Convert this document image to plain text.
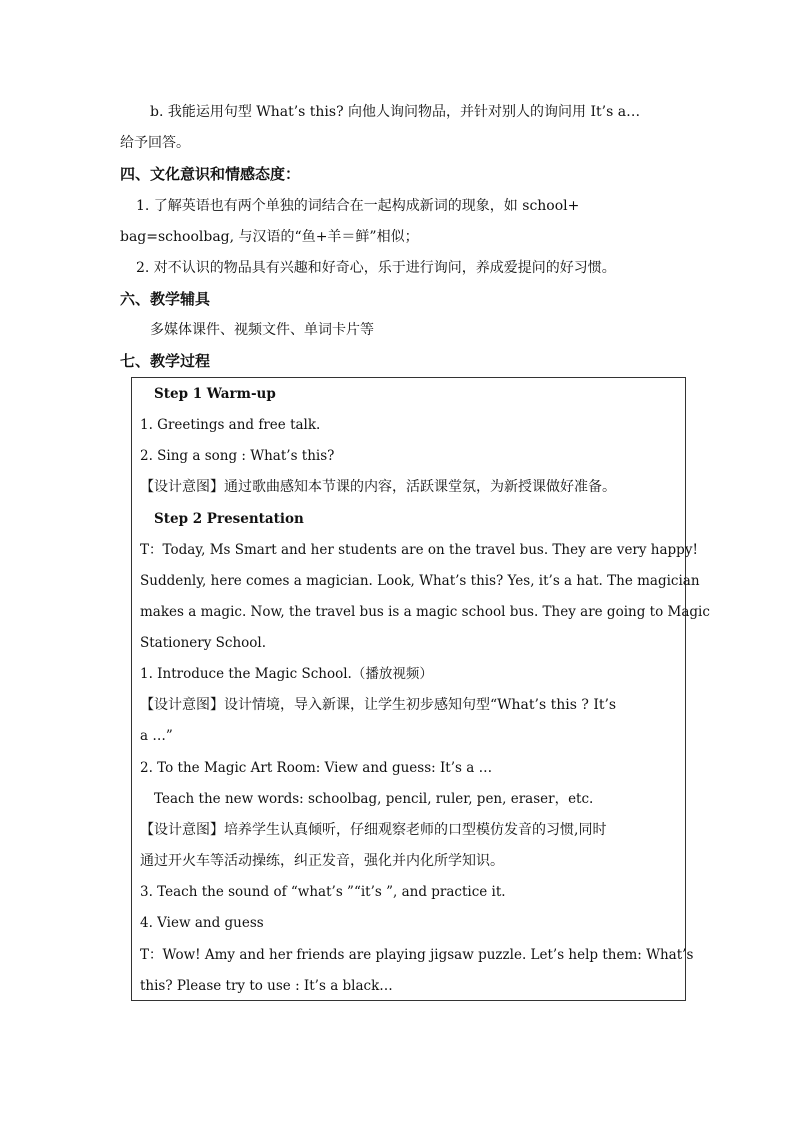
b. 我能运用句型 What’s this? 向他人询问物品，并针对别人的询问用 It’s a…
给予回答。
四、文化意识和情感态度：
1. 了解英语也有两个单独的词结合在一起构成新词的现象，如 school+
bag=schoolbag, 与汉语的“鱼+羊＝鲜”相似；
2. 对不认识的物品具有兴趣和好奇心，乐于进行询问，养成爱提问的好习惯。
六、教学辅具
多媒体课件、视频文件、单词卡片等
七、教学过程
Step 1 Warm-up
1. Greetings and free talk.
2. Sing a song : What’s this?
【设计意图】通过歌曲感知本节课的内容，活跃课堂氛，为新授课做好准备。
Step 2 Presentation
T：Today, Ms Smart and her students are on the travel bus. They are very happy!
Suddenly, here comes a magician. Look, What’s this? Yes, it’s a hat. The magician
makes a magic. Now, the travel bus is a magic school bus. They are going to Magic
Stationery School.
1. Introduce the Magic School.（播放视频）
【设计意图】设计情境，导入新课，让学生初步感知句型“What’s this ? It’s
a …”
2. To the Magic Art Room: View and guess: It’s a …
Teach the new words: schoolbag, pencil, ruler, pen, eraser，etc.
【设计意图】培养学生认真倾听，仔细观察老师的口型模仿发音的习惯,同时
通过开火车等活动操练，纠正发音，强化并内化所学知识。
3. Teach the sound of “what’s ”“it’s ”, and practice it.
4. View and guess
T：Wow! Amy and her friends are playing jigsaw puzzle. Let’s help them: What’s
this? Please try to use : It’s a black…
